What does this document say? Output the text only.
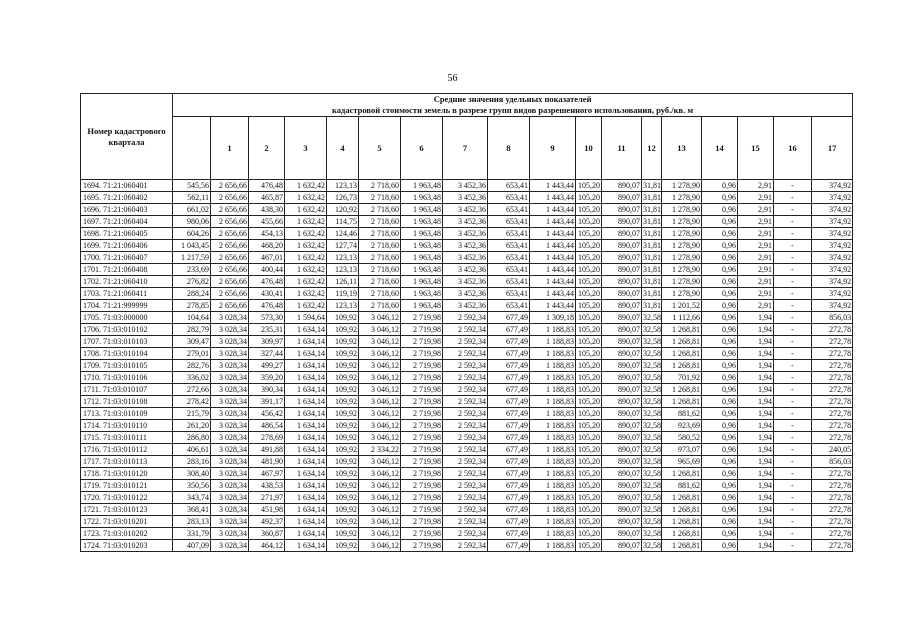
56
Номер кадастрового квартала	Средние значения удельных показателей
кадастровой стоимости земель в разрезе групп видов разрешенного использования, руб./кв. м																	

	1	2	3	4	5	6	7	8	9	10	11	12	13	14	15	16	17
1694. 71:21:060401	545,56	2 656,66	476,48	1 632,42	123,13	2 718,60	1 963,48	3 452,36	653,41	1 443,44	105,20	890,07	31,81	1 278,90	0,96	2,91	-	374,92
1695. 71:21:060402	562,11	2 656,66	465,87	1 632,42	126,73	2 718,60	1 963,48	3 452,36	653,41	1 443,44	105,20	890,07	31,81	1 278,90	0,96	2,91	-	374,92
1696. 71:21:060403	661,02	2 656,66	438,30	1 632,42	120,92	2 718,60	1 963,48	3 452,36	653,41	1 443,44	105,20	890,07	31,81	1 278,90	0,96	2,91	-	374,92
1697. 71:21:060404	980,06	2 656,66	455,66	1 632,42	114,75	2 718,60	1 963,48	3 452,36	653,41	1 443,44	105,20	890,07	31,81	1 278,90	0,96	2,91	-	374,92
1698. 71:21:060405	604,26	2 656,66	454,13	1 632,42	124,46	2 718,60	1 963,48	3 452,36	653,41	1 443,44	105,20	890,07	31,81	1 278,90	0,96	2,91	-	374,92
1699. 71:21:060406	1 043,45	2 656,66	468,20	1 632,42	127,74	2 718,60	1 963,48	3 452,36	653,41	1 443,44	105,20	890,07	31,81	1 278,90	0,96	2,91	-	374,92
1700. 71:21:060407	1 217,59	2 656,66	467,01	1 632,42	123,13	2 718,60	1 963,48	3 452,36	653,41	1 443,44	105,20	890,07	31,81	1 278,90	0,96	2,91	-	374,92
1701. 71:21:060408	233,69	2 656,66	400,44	1 632,42	123,13	2 718,60	1 963,48	3 452,36	653,41	1 443,44	105,20	890,07	31,81	1 278,90	0,96	2,91	-	374,92
1702. 71:21:060410	276,82	2 656,66	476,48	1 632,42	126,11	2 718,60	1 963,48	3 452,36	653,41	1 443,44	105,20	890,07	31,81	1 278,90	0,96	2,91	-	374,92
1703. 71:21:060411	288,24	2 656,66	430,41	1 632,42	119,19	2 718,60	1 963,48	3 452,36	653,41	1 443,44	105,20	890,07	31,81	1 278,90	0,96	2,91	-	374,92
1704. 71:21:999999	278,85	2 656,66	476,48	1 632,42	123,13	2 718,60	1 963,48	3 452,36	653,41	1 443,44	105,20	890,07	31,81	1 201,52	0,96	2,91	-	374,92
1705. 71:03:000000	104,64	3 028,34	573,30	1 594,64	109,92	3 046,12	2 719,98	2 592,34	677,49	1 309,18	105,20	890,07	32,58	1 112,66	0,96	1,94	-	856,03
1706. 71:03:010102	282,79	3 028,34	235,31	1 634,14	109,92	3 046,12	2 719,98	2 592,34	677,49	1 188,83	105,20	890,07	32,58	1 268,81	0,96	1,94	-	272,78
1707. 71:03:010103	309,47	3 028,34	309,97	1 634,14	109,92	3 046,12	2 719,98	2 592,34	677,49	1 188,83	105,20	890,07	32,58	1 268,81	0,96	1,94	-	272,78
1708. 71:03:010104	279,01	3 028,34	327,44	1 634,14	109,92	3 046,12	2 719,98	2 592,34	677,49	1 188,83	105,20	890,07	32,58	1 268,81	0,96	1,94	-	272,78
1709. 71:03:010105	282,76	3 028,34	499,27	1 634,14	109,92	3 046,12	2 719,98	2 592,34	677,49	1 188,83	105,20	890,07	32,58	1 268,81	0,96	1,94	-	272,78
1710. 71:03:010106	336,02	3 028,34	359,20	1 634,14	109,92	3 046,12	2 719,98	2 592,34	677,49	1 188,83	105,20	890,07	32,58	701,92	0,96	1,94	-	272,78
1711. 71:03:010107	272,66	3 028,34	390,34	1 634,14	109,92	3 046,12	2 719,98	2 592,34	677,49	1 188,83	105,20	890,07	32,58	1 268,81	0,96	1,94	-	272,78
1712. 71:03:010108	278,42	3 028,34	391,17	1 634,14	109,92	3 046,12	2 719,98	2 592,34	677,49	1 188,83	105,20	890,07	32,58	1 268,81	0,96	1,94	-	272,78
1713. 71:03:010109	215,79	3 028,34	456,42	1 634,14	109,92	3 046,12	2 719,98	2 592,34	677,49	1 188,83	105,20	890,07	32,58	881,62	0,96	1,94	-	272,78
1714. 71:03:010110	261,20	3 028,34	486,54	1 634,14	109,92	3 046,12	2 719,98	2 592,34	677,49	1 188,83	105,20	890,07	32,58	923,69	0,96	1,94	-	272,78
1715. 71:03:010111	286,80	3 028,34	278,69	1 634,14	109,92	3 046,12	2 719,98	2 592,34	677,49	1 188,83	105,20	890,07	32,58	580,52	0,96	1,94	-	272,78
1716. 71:03:010112	406,61	3 028,34	491,88	1 634,14	109,92	2 334,22	2 719,98	2 592,34	677,49	1 188,83	105,20	890,07	32,58	973,07	0,96	1,94	-	240,05
1717. 71:03:010113	283,16	3 028,34	481,90	1 634,14	109,92	3 046,12	2 719,98	2 592,34	677,49	1 188,83	105,20	890,07	32,58	965,69	0,96	1,94	-	856,03
1718. 71:03:010120	308,40	3 028,34	467,97	1 634,14	109,92	3 046,12	2 719,98	2 592,34	677,49	1 188,83	105,20	890,07	32,58	1 268,81	0,96	1,94	-	272,78
1719. 71:03:010121	350,56	3 028,34	438,53	1 634,14	109,92	3 046,12	2 719,98	2 592,34	677,49	1 188,83	105,20	890,07	32,58	881,62	0,96	1,94	-	272,78
1720. 71:03:010122	343,74	3 028,34	271,97	1 634,14	109,92	3 046,12	2 719,98	2 592,34	677,49	1 188,83	105,20	890,07	32,58	1 268,81	0,96	1,94	-	272,78
1721. 71:03:010123	368,41	3 028,34	451,98	1 634,14	109,92	3 046,12	2 719,98	2 592,34	677,49	1 188,83	105,20	890,07	32,58	1 268,81	0,96	1,94	-	272,78
1722. 71:03:010201	283,13	3 028,34	492,37	1 634,14	109,92	3 046,12	2 719,98	2 592,34	677,49	1 188,83	105,20	890,07	32,58	1 268,81	0,96	1,94	-	272,78
1723. 71:03:010202	331,79	3 028,34	360,87	1 634,14	109,92	3 046,12	2 719,98	2 592,34	677,49	1 188,83	105,20	890,07	32,58	1 268,81	0,96	1,94	-	272,78
1724. 71:03:010203	407,09	3 028,34	464,12	1 634,14	109,92	3 046,12	2 719,98	2 592,34	677,49	1 188,83	105,20	890,07	32,58	1 268,81	0,96	1,94	-	272,78
